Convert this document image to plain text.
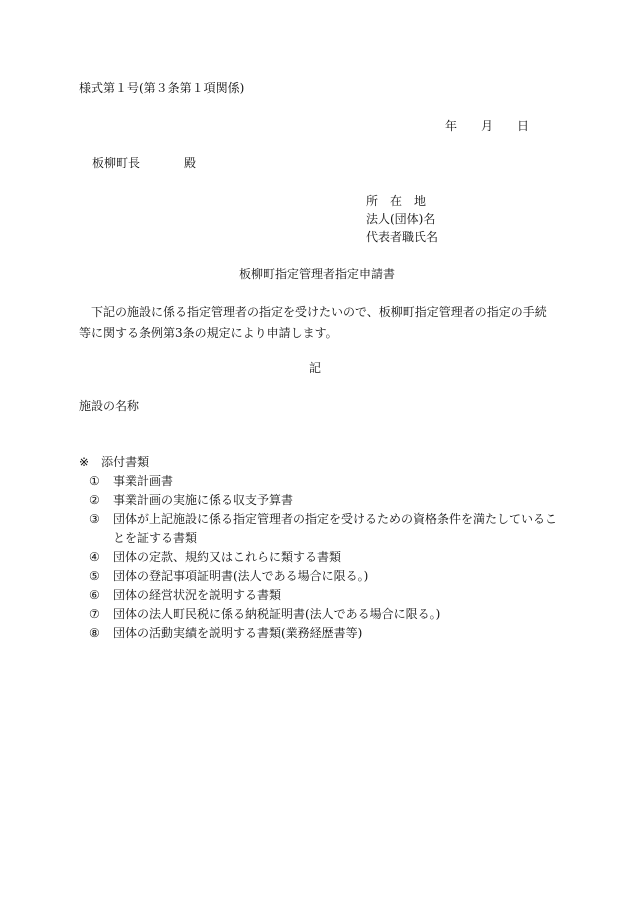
様式第１号(第３条第１項関係)
年 月 日
板柳町長	殿
所　在　地
法人(団体)名
代表者職氏名
板柳町指定管理者指定申請書
下記の施設に係る指定管理者の指定を受けたいので、板柳町指定管理者の指定の手続等に関する条例第3条の規定により申請します。
記
施設の名称
※ 添付書類
① 事業計画書
② 事業計画の実施に係る収支予算書
③ 団体が上記施設に係る指定管理者の指定を受けるための資格条件を満たしていることを証する書類
④ 団体の定款、規約又はこれらに類する書類
⑤ 団体の登記事項証明書(法人である場合に限る。)
⑥ 団体の経営状況を説明する書類
⑦ 団体の法人町民税に係る納税証明書(法人である場合に限る。)
⑧ 団体の活動実績を説明する書類(業務経歴書等)
